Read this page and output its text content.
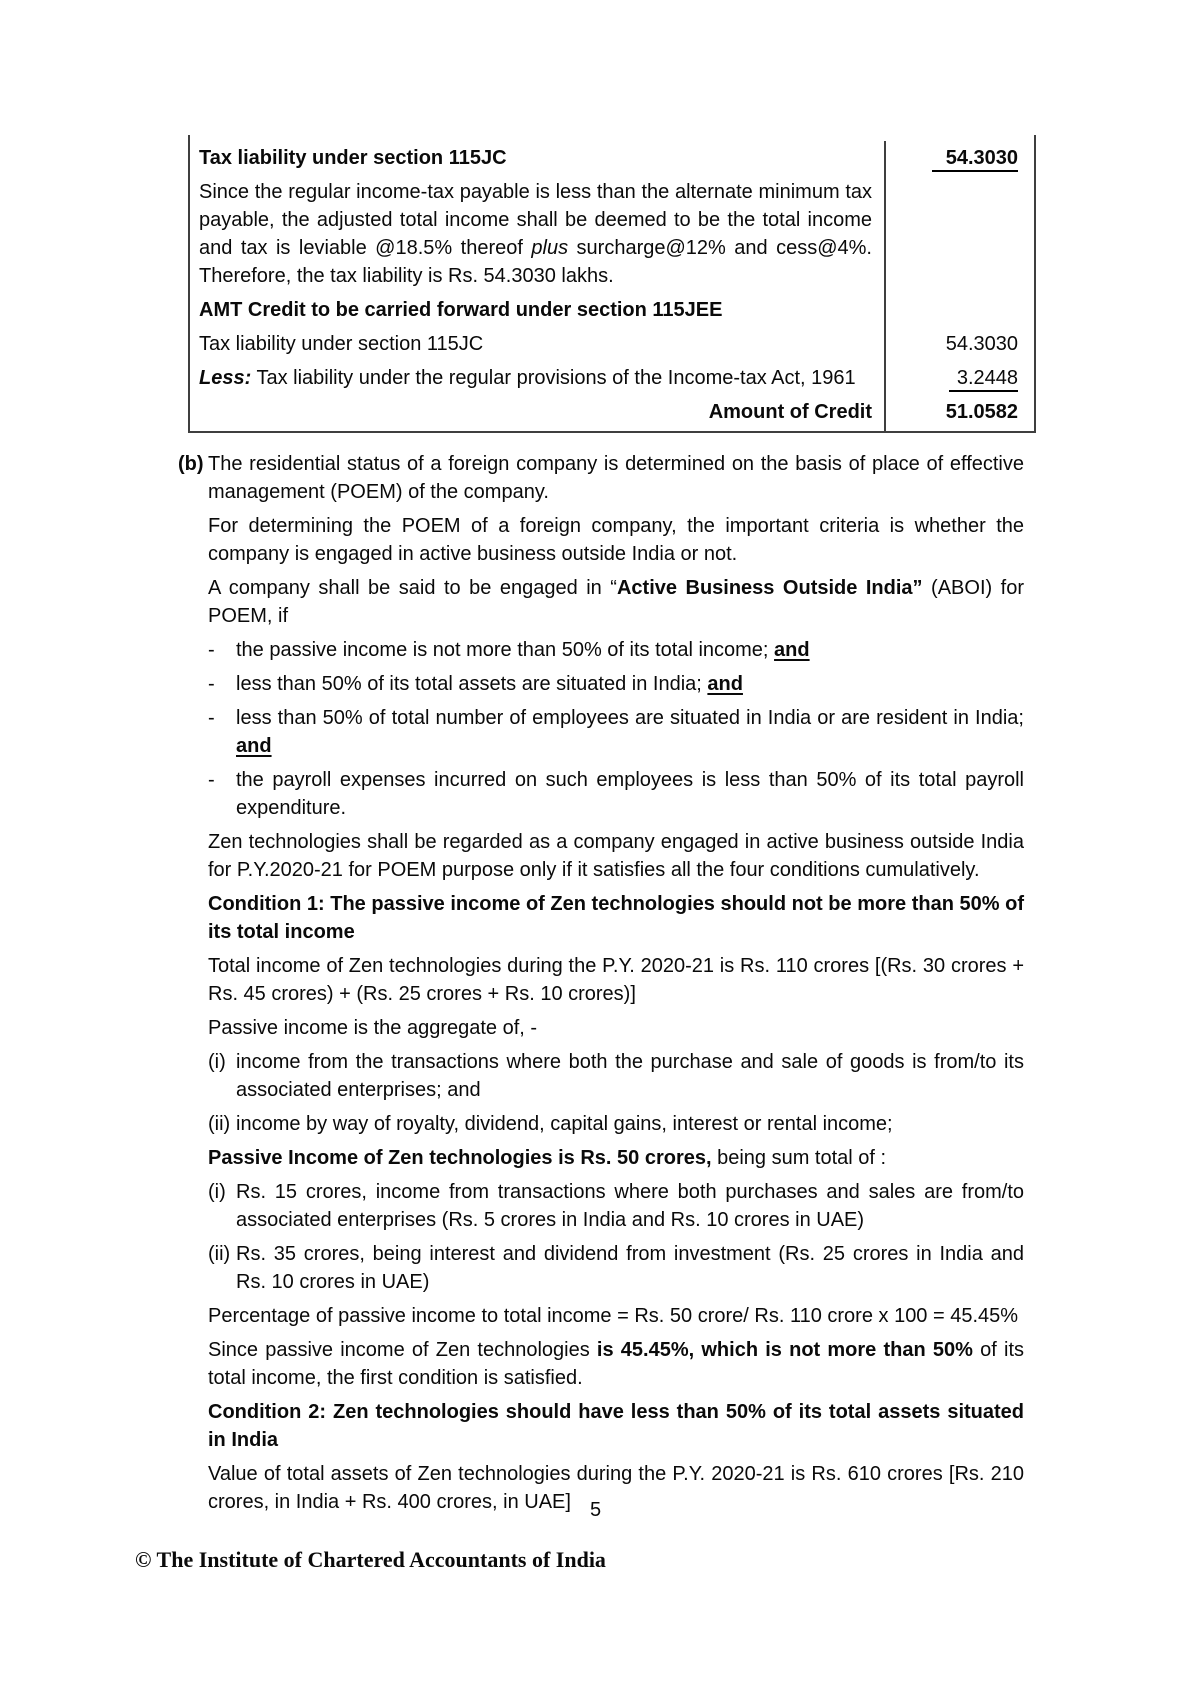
Tax liability under section 115JC	54.3030
Since the regular income-tax payable is less than the alternate minimum tax payable, the adjusted total income shall be deemed to be the total income and tax is leviable @18.5% thereof plus surcharge@12% and cess@4%. Therefore, the tax liability is Rs. 54.3030 lakhs.
AMT Credit to be carried forward under section 115JEE
Tax liability under section 115JC	54.3030
Less: Tax liability under the regular provisions of the Income-tax Act, 1961	3.2448
Amount of Credit	51.0582
(b) The residential status of a foreign company is determined on the basis of place of effective management (POEM) of the company.
For determining the POEM of a foreign company, the important criteria is whether the company is engaged in active business outside India or not.
A company shall be said to be engaged in “Active Business Outside India” (ABOI) for POEM, if
- the passive income is not more than 50% of its total income; and
- less than 50% of its total assets are situated in India; and
- less than 50% of total number of employees are situated in India or are resident in India; and
- the payroll expenses incurred on such employees is less than 50% of its total payroll expenditure.
Zen technologies shall be regarded as a company engaged in active business outside India for P.Y.2020-21 for POEM purpose only if it satisfies all the four conditions cumulatively.
Condition 1: The passive income of Zen technologies should not be more than 50% of its total income
Total income of Zen technologies during the P.Y. 2020-21 is Rs. 110 crores [(Rs. 30 crores + Rs. 45 crores) + (Rs. 25 crores + Rs. 10 crores)]
Passive income is the aggregate of, -
(i) income from the transactions where both the purchase and sale of goods is from/to its associated enterprises; and
(ii) income by way of royalty, dividend, capital gains, interest or rental income;
Passive Income of Zen technologies is Rs. 50 crores, being sum total of :
(i) Rs. 15 crores, income from transactions where both purchases and sales are from/to associated enterprises (Rs. 5 crores in India and Rs. 10 crores in UAE)
(ii) Rs. 35 crores, being interest and dividend from investment (Rs. 25 crores in India and Rs. 10 crores in UAE)
Percentage of passive income to total income = Rs. 50 crore/ Rs. 110 crore x 100 = 45.45%
Since passive income of Zen technologies is 45.45%, which is not more than 50% of its total income, the first condition is satisfied.
Condition 2: Zen technologies should have less than 50% of its total assets situated in India
Value of total assets of Zen technologies during the P.Y. 2020-21 is Rs. 610 crores [Rs. 210 crores, in India + Rs. 400 crores, in UAE] 5
© The Institute of Chartered Accountants of India
